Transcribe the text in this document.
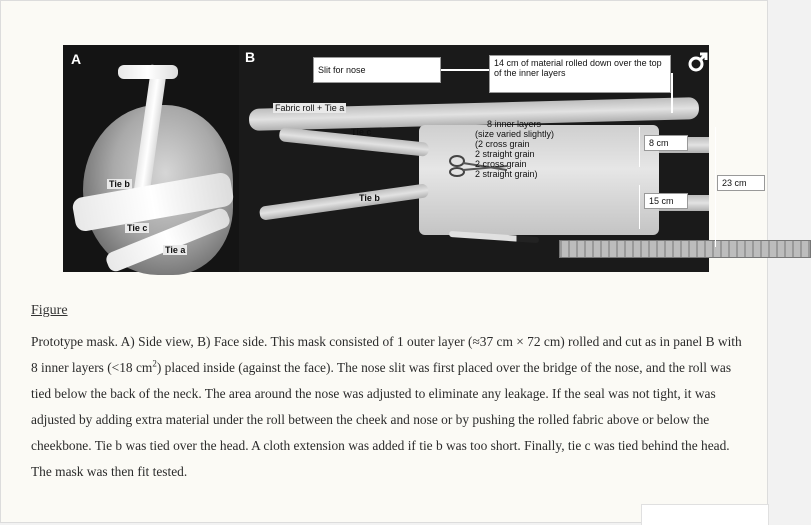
A
Tie b
Tie c
Tie a
B
Slit for nose
14 cm of material rolled down over the top of the inner layers
Fabric roll + Tie a
Tie c
Tie b
8 inner layers
(size varied slightly)
(2 cross grain
2 straight grain
2 cross grain
2 straight grain)
8 cm
15 cm
23 cm
Figure

Prototype mask. A) Side view, B) Face side. This mask consisted of 1 outer layer (≈37 cm × 72 cm) rolled and cut as in panel B with 8 inner layers (<18 $cm^2$) placed inside (against the face). The nose slit was first placed over the bridge of the nose, and the roll was tied below the back of the neck. The area around the nose was adjusted to eliminate any leakage. If the seal was not tight, it was adjusted by adding extra material under the roll between the cheek and nose or by pushing the rolled fabric above or below the cheekbone. Tie b was tied over the head. A cloth extension was added if tie b was too short. Finally, tie c was tied behind the head. The mask was then fit tested.
